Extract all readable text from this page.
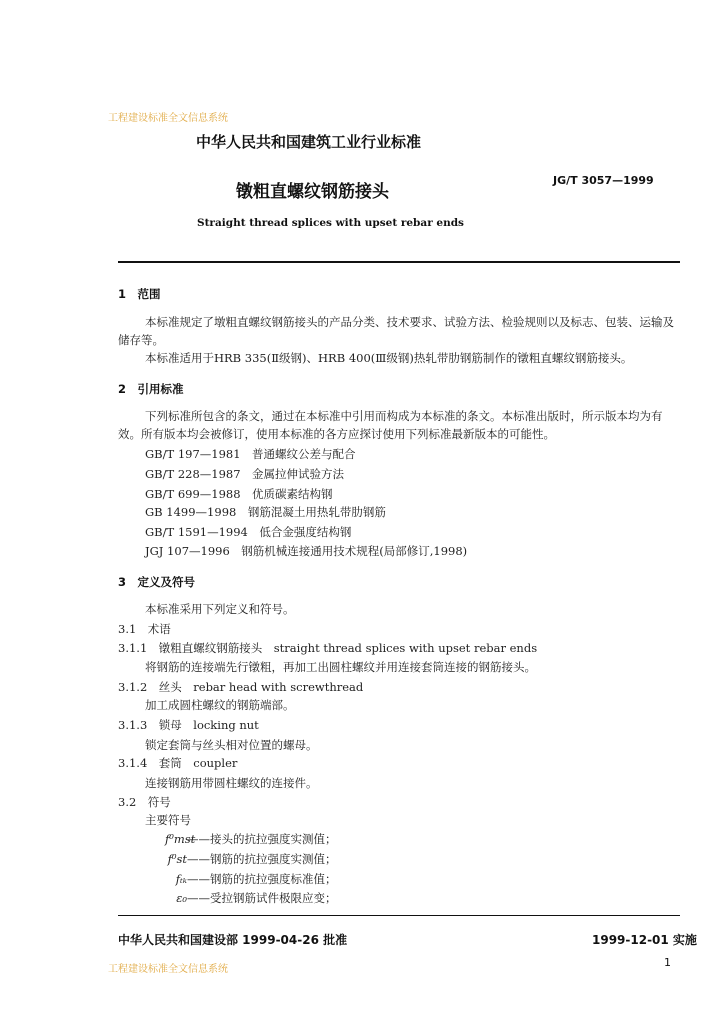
工程建设标准全文信息系统
中华人民共和国建筑工业行业标准
镦粗直螺纹钢筋接头
JG/T 3057—1999
Straight thread splices with upset rebar ends
1　范围
本标准规定了墩粗直螺纹钢筋接头的产品分类、技术要求、试验方法、检验规则以及标志、包装、运输及储存等。
本标准适用于HRB 335(Ⅱ级钢)、HRB 400(Ⅲ级钢)热轧带肋钢筋制作的镦粗直螺纹钢筋接头。
2　引用标准
下列标准所包含的条文，通过在本标准中引用而构成为本标准的条文。本标准出版时，所示版本均为有效。所有版本均会被修订，使用本标准的各方应探讨使用下列标准最新版本的可能性。
GB/T 197—1981　普通螺纹公差与配合
GB/T 228—1987　金属拉伸试验方法
GB/T 699—1988　优质碳素结构钢
GB 1499—1998　钢筋混凝土用热轧带肋钢筋
GB/T 1591—1994　低合金强度结构钢
JGJ 107—1996　钢筋机械连接通用技术规程(局部修订,1998)
3　定义及符号
本标准采用下列定义和符号。
3.1　术语
3.1.1　镦粗直螺纹钢筋接头　straight thread splices with upset rebar ends
将钢筋的连接端先行镦粗，再加工出圆柱螺纹并用连接套筒连接的钢筋接头。
3.1.2　丝头　rebar head with screwthread
加工成圆柱螺纹的钢筋端部。
3.1.3　锁母　locking nut
锁定套筒与丝头相对位置的螺母。
3.1.4　套筒　coupler
连接钢筋用带圆柱螺纹的连接件。
3.2　符号
主要符号
f⁰mst——接头的抗拉强度实测值；
f⁰st——钢筋的抗拉强度实测值；
fₜₖ——钢筋的抗拉强度标准值；
ε₀——受拉钢筋试件极限应变；
中华人民共和国建设部 1999-04-26 批准	1999-12-01 实施
工程建设标准全文信息系统
1
